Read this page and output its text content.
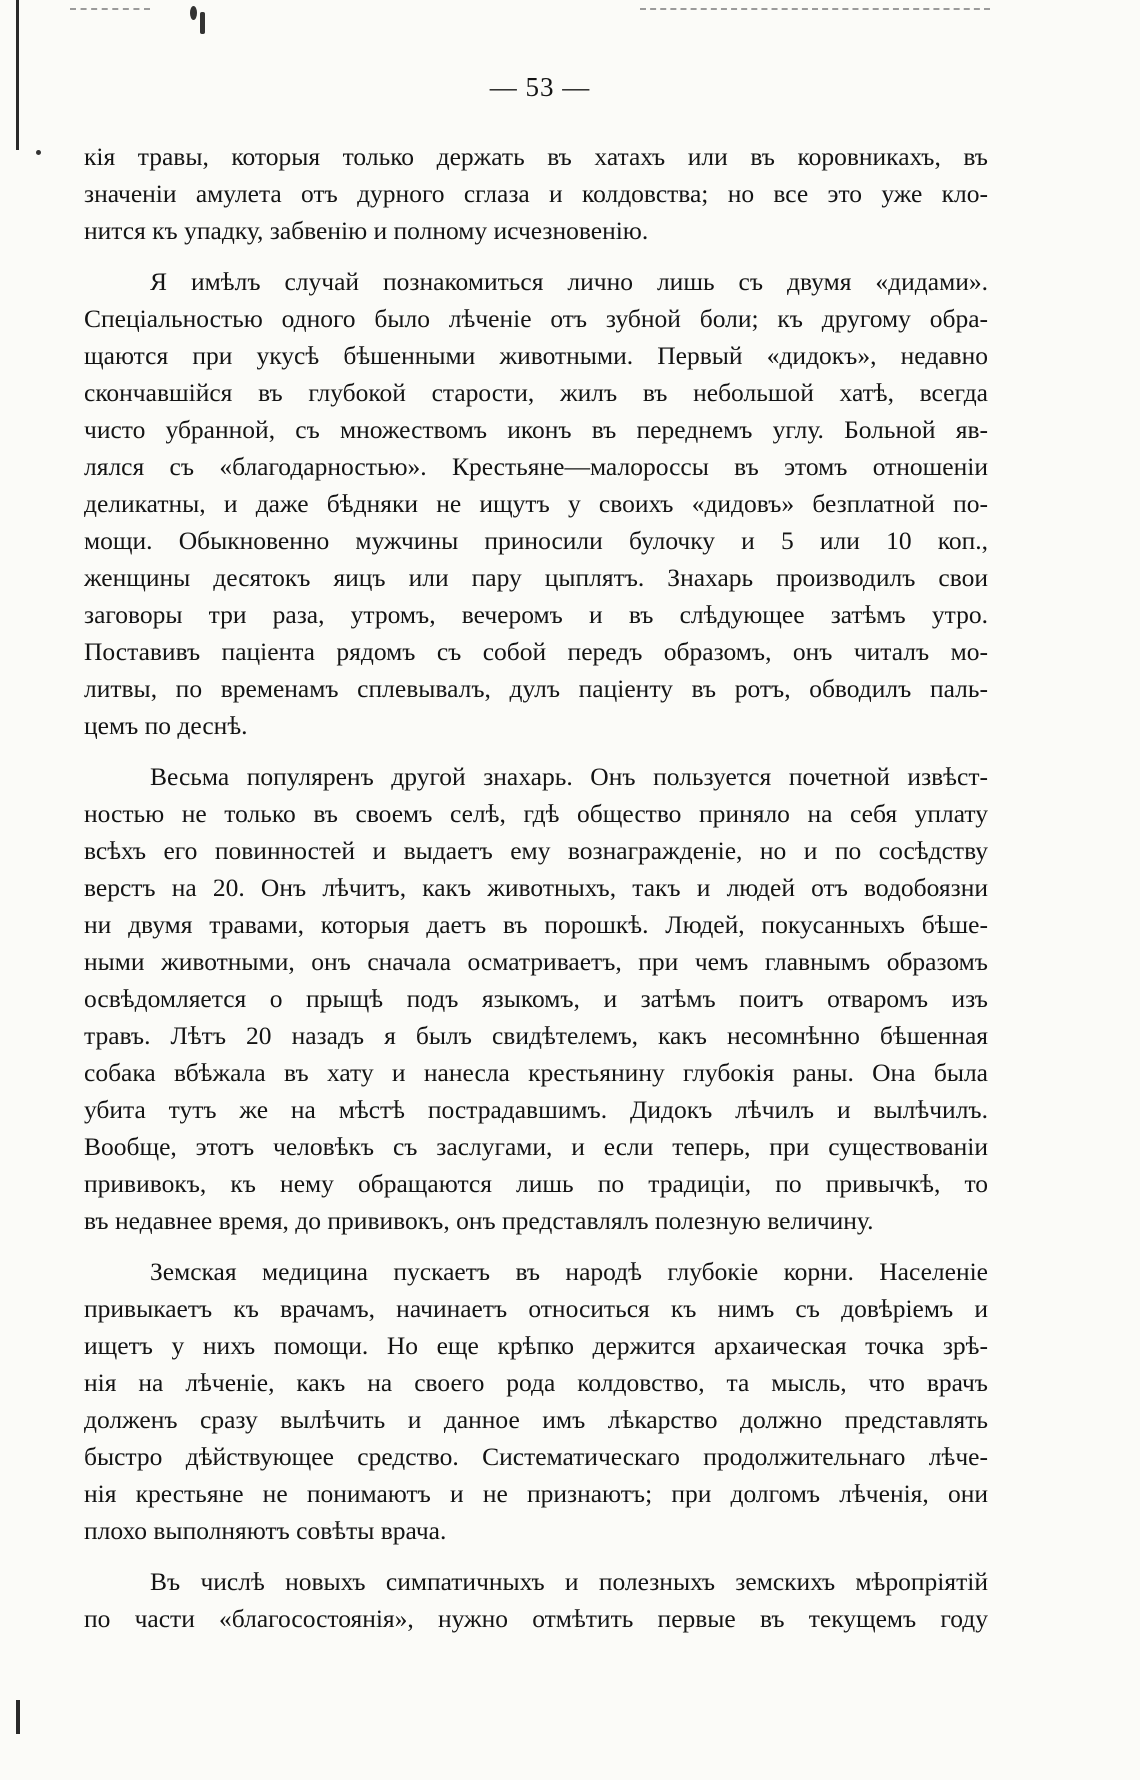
— 53 —
кія травы, которыя только держать въ хатахъ или въ коровникахъ, въ
значеніи амулета отъ дурного сглаза и колдовства; но все это уже кло-
нится къ упадку, забвенію и полному исчезновенію.
Я имѣлъ случай познакомиться лично лишь съ двумя «дидами».
Спеціальностью одного было лѣченіе отъ зубной боли; къ другому обра-
щаются при укусѣ бѣшенными животными. Первый «дидокъ», недавно
скончавшійся въ глубокой старости, жилъ въ небольшой хатѣ, всегда
чисто убранной, съ множествомъ иконъ въ переднемъ углу. Больной яв-
лялся съ «благодарностью». Крестьяне—малороссы въ этомъ отношеніи
деликатны, и даже бѣдняки не ищутъ у своихъ «дидовъ» безплатной по-
мощи. Обыкновенно мужчины приносили булочку и 5 или 10 коп.,
женщины десятокъ яицъ или пару цыплятъ. Знахарь производилъ свои
заговоры три раза, утромъ, вечеромъ и въ слѣдующее затѣмъ утро.
Поставивъ паціента рядомъ съ собой передъ образомъ, онъ читалъ мо-
литвы, по временамъ сплевывалъ, дулъ паціенту въ ротъ, обводилъ паль-
цемъ по деснѣ.
Весьма популяренъ другой знахарь. Онъ пользуется почетной извѣст-
ностью не только въ своемъ селѣ, гдѣ общество приняло на себя уплату
всѣхъ его повинностей и выдаетъ ему вознагражденіе, но и по сосѣдству
верстъ на 20. Онъ лѣчитъ, какъ животныхъ, такъ и людей отъ водобоязни
ни двумя травами, которыя даетъ въ порошкѣ. Людей, покусанныхъ бѣше-
ными животными, онъ сначала осматриваетъ, при чемъ главнымъ образомъ
освѣдомляется о прыщѣ подъ языкомъ, и затѣмъ поитъ отваромъ изъ
травъ. Лѣтъ 20 назадъ я былъ свидѣтелемъ, какъ несомнѣнно бѣшенная
собака вбѣжала въ хату и нанесла крестьянину глубокія раны. Она была
убита тутъ же на мѣстѣ пострадавшимъ. Дидокъ лѣчилъ и вылѣчилъ.
Вообще, этотъ человѣкъ съ заслугами, и если теперь, при существованіи
прививокъ, къ нему обращаются лишь по традиціи, по привычкѣ, то
въ недавнее время, до прививокъ, онъ представлялъ полезную величину.
Земская медицина пускаетъ въ народѣ глубокіе корни. Населеніе
привыкаетъ къ врачамъ, начинаетъ относиться къ нимъ съ довѣріемъ и
ищетъ у нихъ помощи. Но еще крѣпко держится архаическая точка зрѣ-
нія на лѣченіе, какъ на своего рода колдовство, та мысль, что врачъ
долженъ сразу вылѣчить и данное имъ лѣкарство должно представлять
быстро дѣйствующее средство. Систематическаго продолжительнаго лѣче-
нія крестьяне не понимаютъ и не признаютъ; при долгомъ лѣченія, они
плохо выполняютъ совѣты врача.
Въ числѣ новыхъ симпатичныхъ и полезныхъ земскихъ мѣропріятій
по части «благосостоянія», нужно отмѣтить первые въ текущемъ году
